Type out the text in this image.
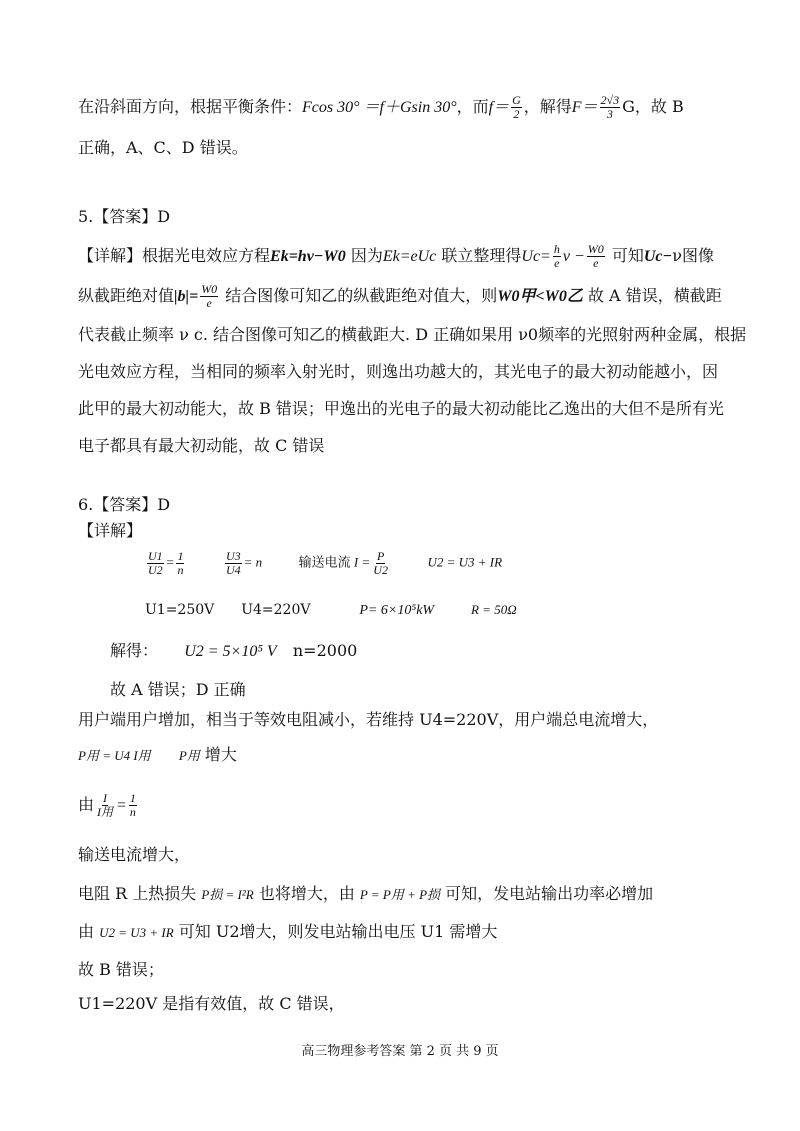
在沿斜面方向，根据平衡条件：Fcos 30° ＝f＋Gsin 30°，而$f= \frac{G}{2}$ ，解得$F= \frac{2√3}{3}$ G，故 B
正确，A、C、D 错误。
5.【答案】D
【详解】根据光电效应方程Ek=hν−W0 因为Ek=eUc 联立整理得$Uc= \frac{h}{e}$ $\nu - \frac{W0}{e}$ 可知Uc−ν图像
纵截距绝对值$|b|= \frac{W0}{e}$ 结合图像可知乙的纵截距绝对值大，则W0甲<W0乙 故 A 错误，横截距
代表截止频率 ν c. 结合图像可知乙的横截距大. D 正确如果用 ν0频率的光照射两种金属，根据
光电效应方程，当相同的频率入射光时，则逸出功越大的，其光电子的最大初动能越小，因
此甲的最大初动能大，故 B 错误；甲逸出的光电子的最大初动能比乙逸出的大但不是所有光
电子都具有最大初动能，故 C 错误
6.【答案】D
【详解】
$\frac{U1}{U2} = \frac{1}{n}$
	$\frac{U3}{U4} = n$	输送电流 $I = \frac{P}{U2}$	U2 = U3 + IR
U1=250V U4=220V	P= 6×10⁵kW	R = 50Ω
解得： U2 = 5×10⁵ V n=2000
故 A 错误；D 正确
用户端用户增加，相当于等效电阻减小，若维持 U4=220V，用户端总电流增大，
P用 = U4 I用 P用 增大
由 $\frac{I}{\text{I用}} = \frac{1}{n}$
输送电流增大，
电阻 R 上热损失 P损 = I²R 也将增大，由 P = P用 + P损 可知，发电站输出功率必增加
由 U2 = U3 + IR 可知 U2增大，则发电站输出电压 U1 需增大
故 B 错误；
U1=220V 是指有效值，故 C 错误，
高三物理参考答案 第 2 页 共 9 页
